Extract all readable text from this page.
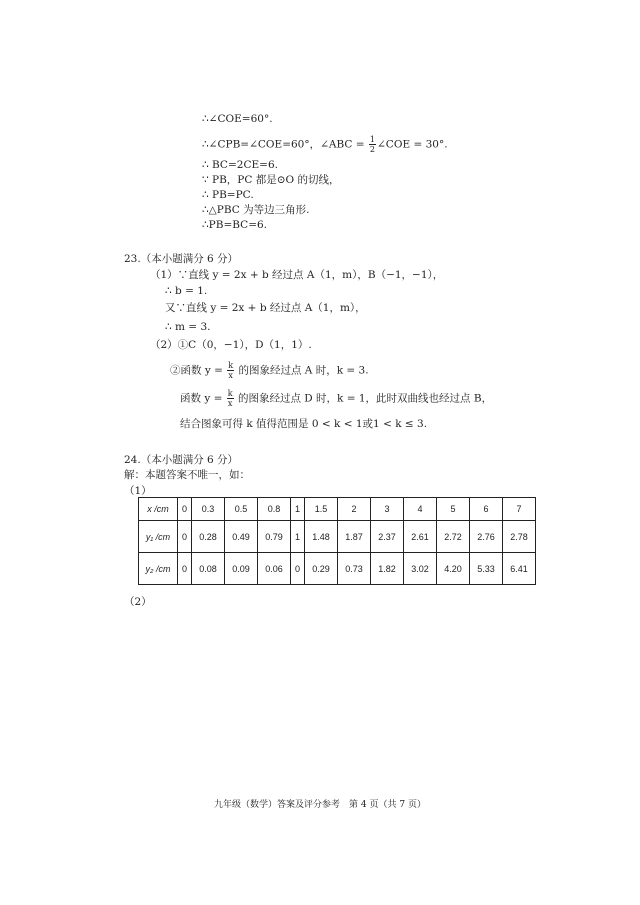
∴∠COE=60°.
∴∠CPB=∠COE=60°，∠ABC = $\frac{1}{2}$ ∠COE = 30°.
∴ BC=2CE=6.
∵ PB，PC 都是⊙O 的切线，
∴ PB=PC.
∴△PBC 为等边三角形.
∴PB=BC=6.
23.（本小题满分 6 分）
（1）∵直线 y = 2x + b 经过点 A（1，m），B（−1，−1），
∴ b = 1.
又∵直线 y = 2x + b 经过点 A（1，m），
∴ m = 3.
（2）①C（0，−1），D（1，1）.
②函数 $y = \frac{k}{x}$ 的图象经过点 A 时，k = 3.
函数 $y = \frac{k}{x}$ 的图象经过点 D 时，k = 1，此时双曲线也经过点 B，
结合图象可得 k 值得范围是 0 < k < 1或1 < k ≤ 3.
24.（本小题满分 6 分）
解：本题答案不唯一，如：
（1）
x /cm	0	0.3	0.5	0.8	1	1.5	2	3	4	5	6	7
y₁ /cm	0	0.28	0.49	0.79	1	1.48	1.87	2.37	2.61	2.72	2.76	2.78
y₂ /cm	0	0.08	0.09	0.06	0	0.29	0.73	1.82	3.02	4.20	5.33	6.41
（2）
九年级（数学）答案及评分参考　第 4 页（共 7 页）
